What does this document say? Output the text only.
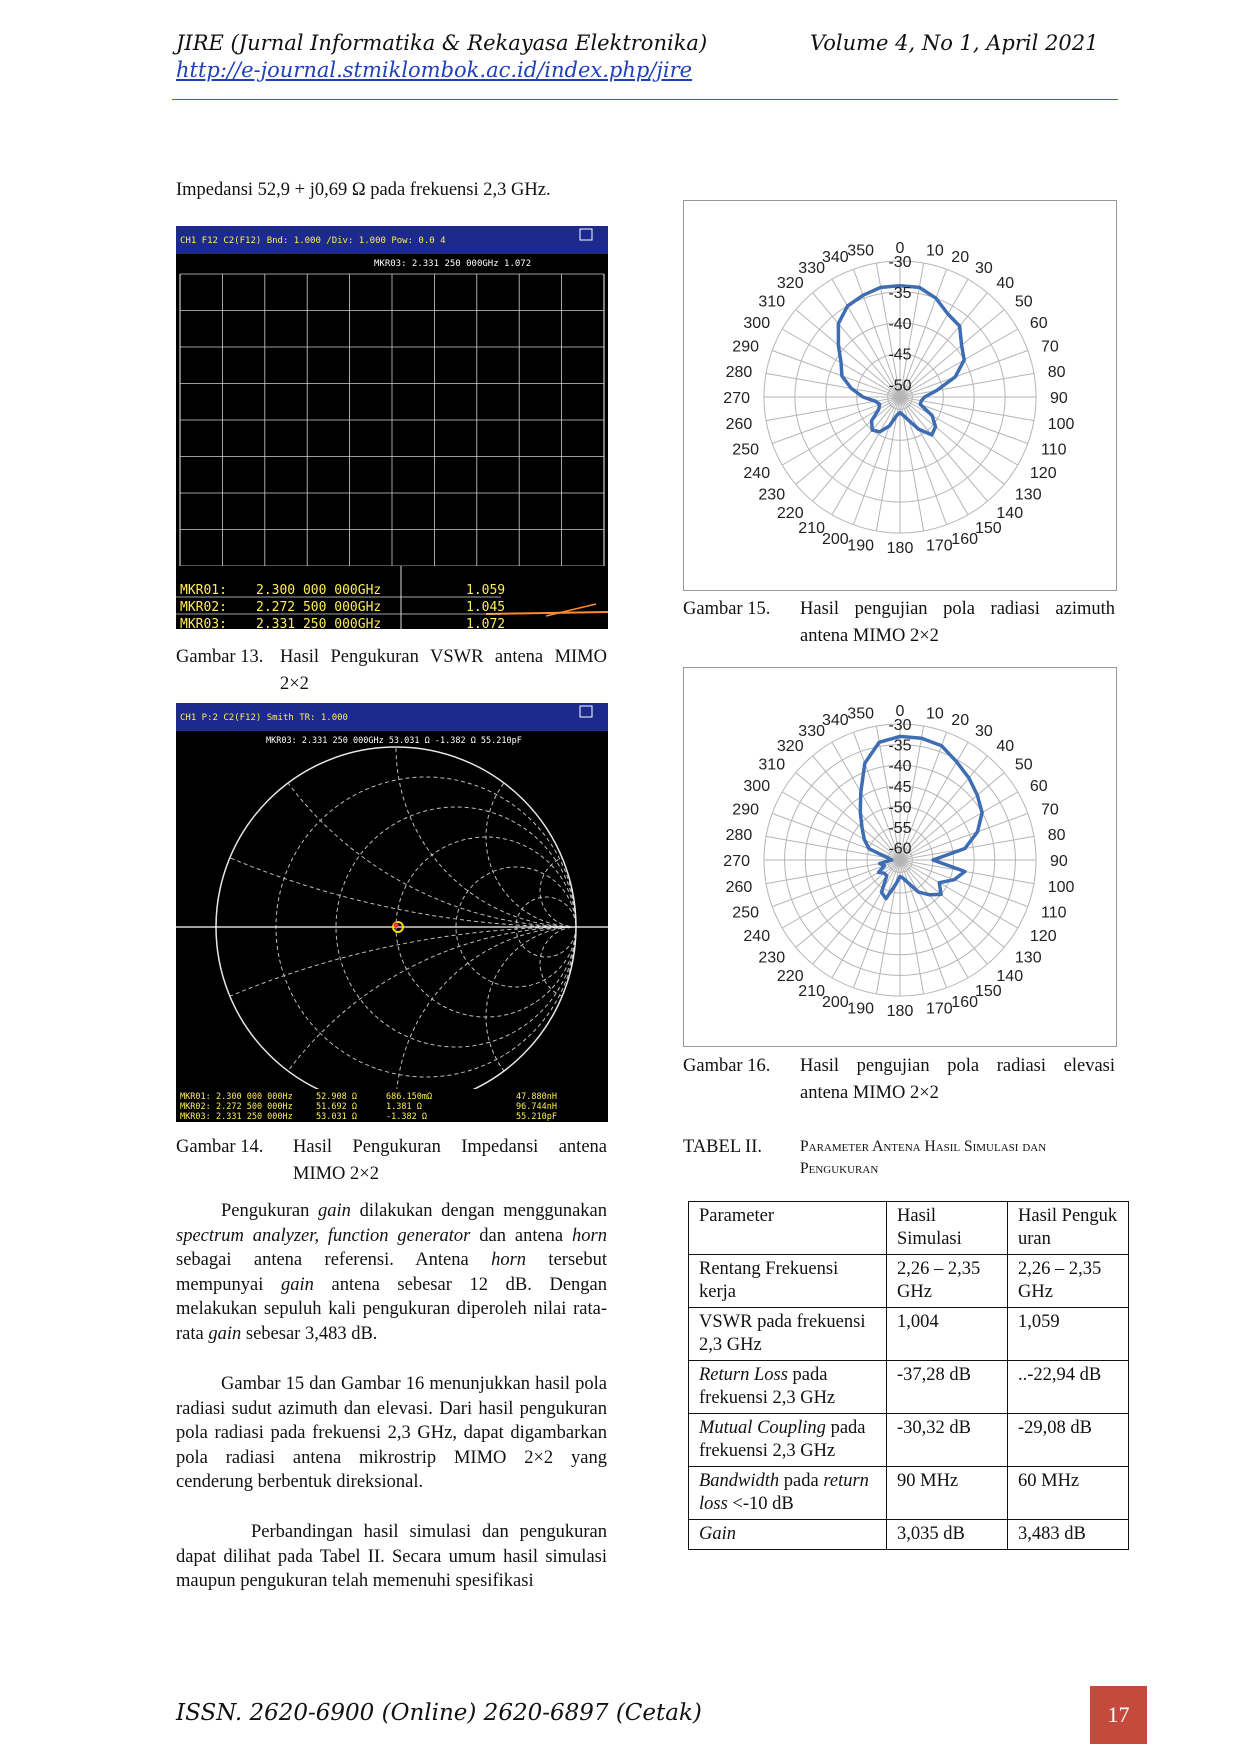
JIRE (Jurnal Informatika & Rekayasa Elektronika)	Volume 4, No 1, April 2021
http://e-journal.stmiklombok.ac.id/index.php/jire
Impedansi 52,9 + j0,69 Ω pada frekuensi 2,3 GHz.
CH1 F12 C2(F12) Bnd: 1.000 /Div: 1.000 Pow: 0.0 4
MKR03: 2.331 250 000GHz 1.072
MKR01: 2.300 000 000GHz	1.059
MKR02: 2.272 500 000GHz	1.045
MKR03: 2.331 250 000GHz	1.072
Gambar 13. Hasil Pengukuran VSWR antena MIMO 2×2
CH1 P:2 C2(F12) Smith TR: 1.000
MKR03: 2.331 250 000GHz 53.031 Ω -1.382 Ω 55.210pF
MKR01: 2.300 000 000Hz	52.908 Ω	686.150mΩ	47.880nH
MKR02: 2.272 500 000Hz	51.692 Ω	1.381 Ω	96.744nH
MKR03: 2.331 250 000Hz	53.031 Ω	-1.382 Ω	55.210pF
Gambar 14. Hasil Pengukuran Impedansi antena MIMO 2×2
Pengukuran gain dilakukan dengan menggunakan spectrum analyzer, function generator dan antena horn sebagai antena referensi. Antena horn tersebut mempunyai gain antena sebesar 12 dB. Dengan melakukan sepuluh kali pengukuran diperoleh nilai rata-rata gain sebesar 3,483 dB.
Gambar 15 dan Gambar 16 menunjukkan hasil pola radiasi sudut azimuth dan elevasi. Dari hasil pengukuran pola radiasi pada frekuensi 2,3 GHz, dapat digambarkan pola radiasi antena mikrostrip MIMO 2×2 yang cenderung berbentuk direksional.
Perbandingan hasil simulasi dan pengukuran dapat dilihat pada Tabel II. Secara umum hasil simulasi maupun pengukuran telah memenuhi spesifikasi
0 10 20
30
40
50
60
70
80
90
100
110
120
130
140
150
160
170
180
190
200
210
220
230
240
250
260
270
280
290
300
310
320
330
340
350
-30
-35
-40
-45
-50
Gambar 15. Hasil pengujian pola radiasi azimuth antena MIMO 2×2
0 10 20
30
40
50
60
70
80
90
100
110
120
130
140
150
160
170
180
190
200
210
220
230
240
250
260
270
280
290
300
310
320
330
340
350
-30
-35
-40
-45
-50
-55
-60
Gambar 16. Hasil pengujian pola radiasi elevasi antena MIMO 2×2
TABEL II. Parameter Antena Hasil Simulasi dan Pengukuran
Parameter	Hasil Simulasi	Hasil Pengukuran
Rentang Frekuensi kerja	2,26 – 2,35 GHz	2,26 – 2,35 GHz
VSWR pada frekuensi 2,3 GHz	1,004	1,059
Return Loss pada frekuensi 2,3 GHz	-37,28 dB	..-22,94 dB
Mutual Coupling pada frekuensi 2,3 GHz	-30,32 dB	-29,08 dB
Bandwidth pada return loss <-10 dB	90 MHz	60 MHz
Gain	3,035 dB	3,483 dB
ISSN. 2620-6900 (Online) 2620-6897 (Cetak)	17
